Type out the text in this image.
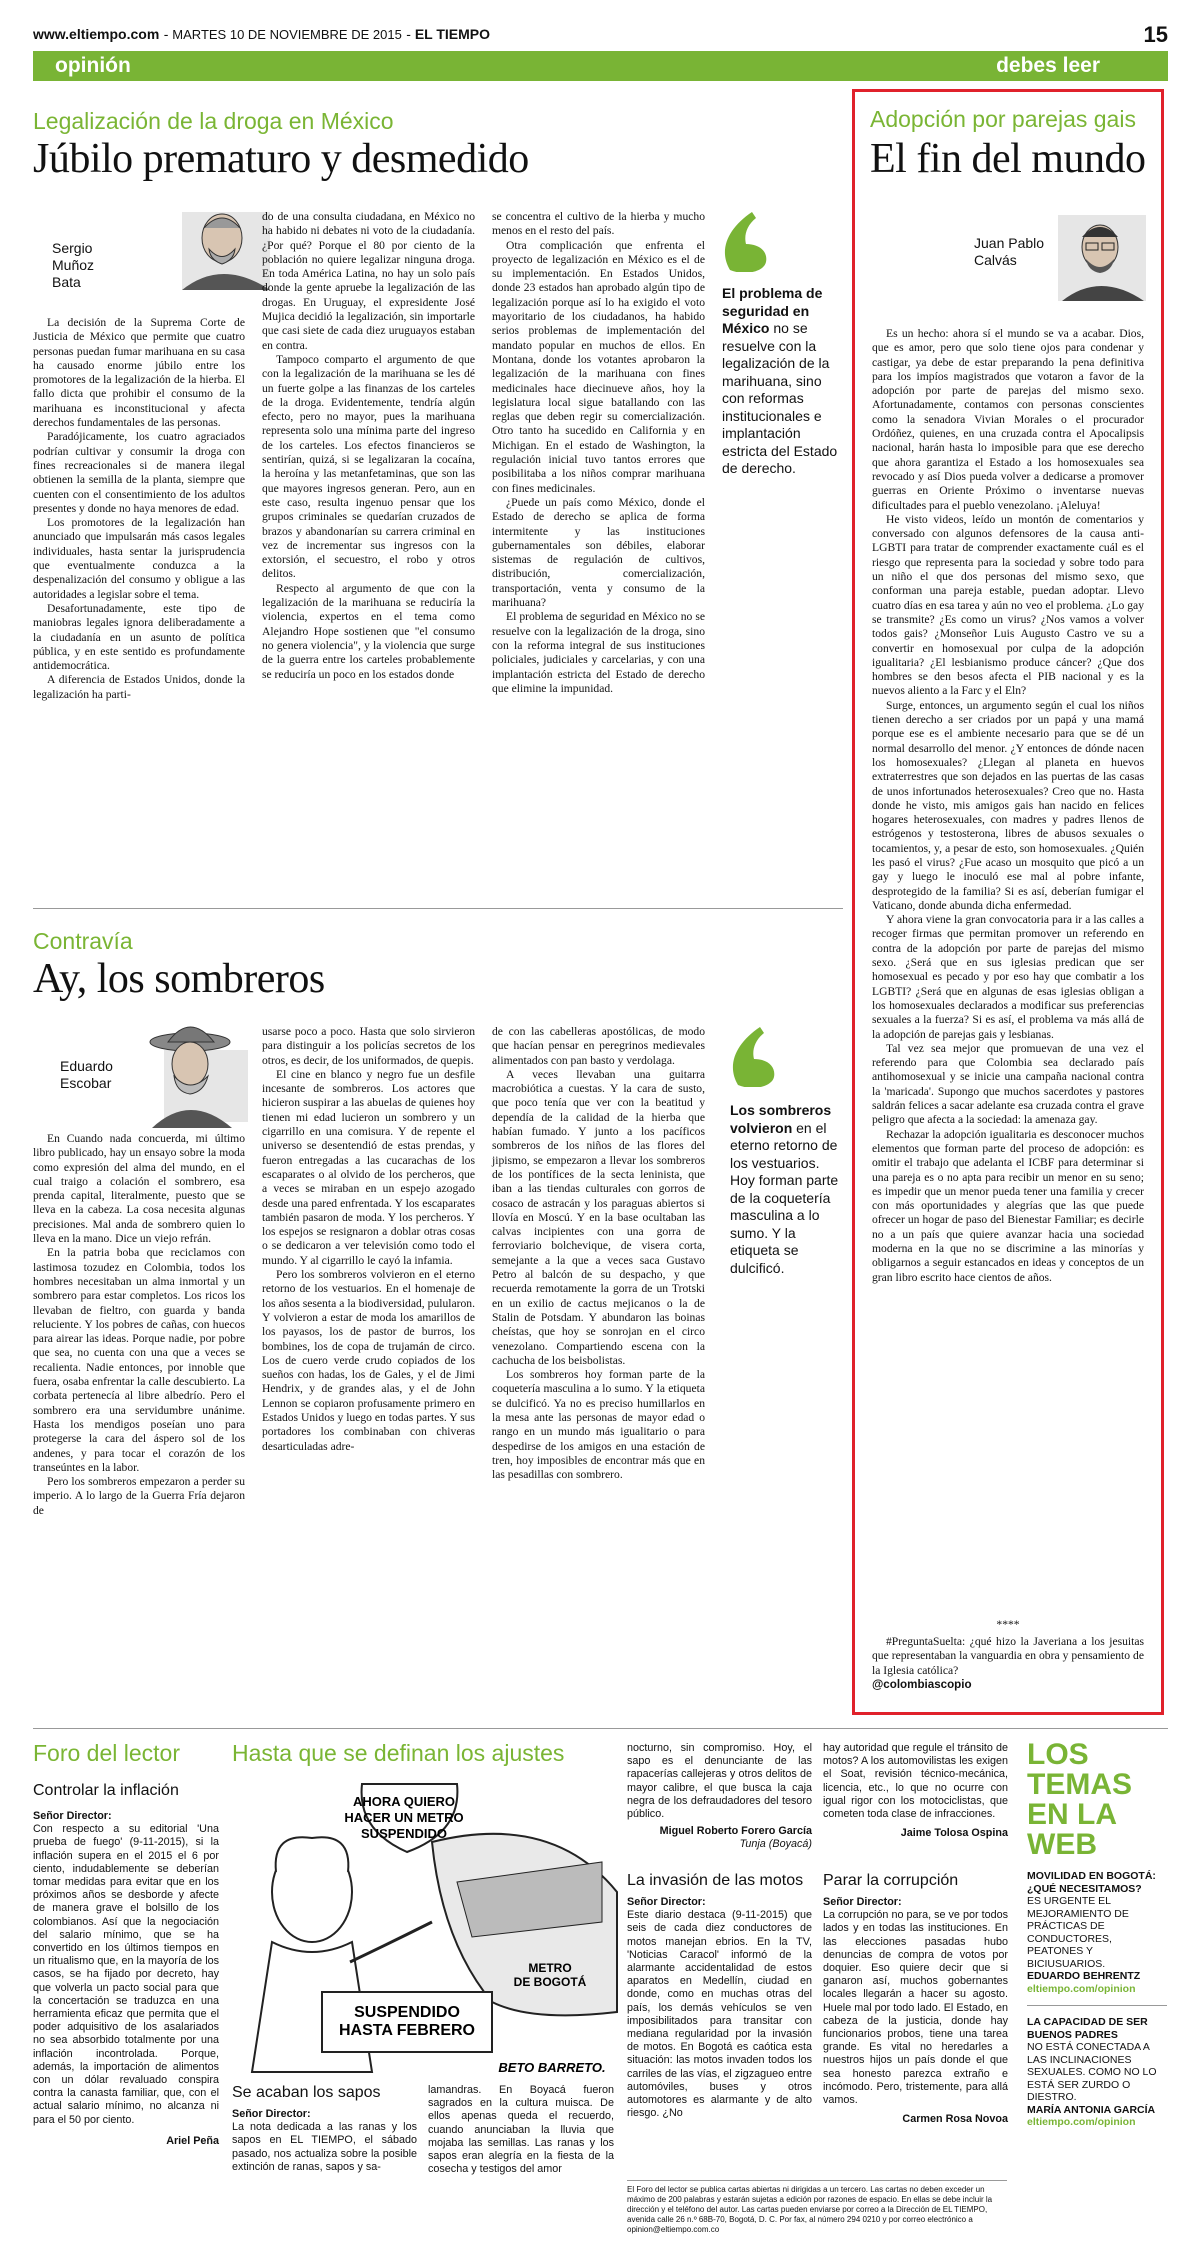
www.eltiempo.com - MARTES 10 DE NOVIEMBRE DE 2015 - EL TIEMPO	15
opinión	debes leer
Legalización de la droga en México
Júbilo prematuro y desmedido
Sergio
Muñoz
Bata

La decisión de la Suprema Corte de Justicia de México que permite que cuatro personas puedan fumar marihuana en su casa ha causado enorme júbilo entre los promotores de la legalización de la hierba. El fallo dicta que prohibir el consumo de la marihuana es inconstitucional y afecta derechos fundamentales de las personas.

Paradójicamente, los cuatro agraciados podrían cultivar y consumir la droga con fines recreacionales si de manera ilegal obtienen la semilla de la planta, siempre que cuenten con el consentimiento de los adultos presentes y donde no haya menores de edad.

Los promotores de la legalización han anunciado que impulsarán más casos legales individuales, hasta sentar la jurisprudencia que eventualmente conduzca a la despenalización del consumo y obligue a las autoridades a legislar sobre el tema.

Desafortunadamente, este tipo de maniobras legales ignora deliberadamente a la ciudadanía en un asunto de política pública, y en este sentido es profundamente antidemocrática.

A diferencia de Estados Unidos, donde la legalización ha parti-

do de una consulta ciudadana, en México no ha habido ni debates ni voto de la ciudadanía. ¿Por qué? Porque el 80 por ciento de la población no quiere legalizar ninguna droga. En toda América Latina, no hay un solo país donde la gente apruebe la legalización de las drogas. En Uruguay, el expresidente José Mujica decidió la legalización, sin importarle que casi siete de cada diez uruguayos estaban en contra.

Tampoco comparto el argumento de que con la legalización de la marihuana se les dé un fuerte golpe a las finanzas de los carteles de la droga. Evidentemente, tendría algún efecto, pero no mayor, pues la marihuana representa solo una mínima parte del ingreso de los carteles. Los efectos financieros se sentirían, quizá, si se legalizaran la cocaína, la heroína y las metanfetaminas, que son las que mayores ingresos generan. Pero, aun en este caso, resulta ingenuo pensar que los grupos criminales se quedarían cruzados de brazos y abandonarían su carrera criminal en vez de incrementar sus ingresos con la extorsión, el secuestro, el robo y otros delitos.

Respecto al argumento de que con la legalización de la marihuana se reduciría la violencia, expertos en el tema como Alejandro Hope sostienen que "el consumo no genera violencia", y la violencia que surge de la guerra entre los carteles probablemente se reduciría un poco en los estados donde

se concentra el cultivo de la hierba y mucho menos en el resto del país.

Otra complicación que enfrenta el proyecto de legalización en México es el de su implementación. En Estados Unidos, donde 23 estados han aprobado algún tipo de legalización porque así lo ha exigido el voto mayoritario de los ciudadanos, ha habido serios problemas de implementación del mandato popular en muchos de ellos. En Montana, donde los votantes aprobaron la legalización de la marihuana con fines medicinales hace diecinueve años, hoy la legislatura local sigue batallando con las reglas que deben regir su comercialización. Otro tanto ha sucedido en California y en Michigan. En el estado de Washington, la regulación inicial tuvo tantos errores que posibilitaba a los niños comprar marihuana con fines medicinales.

¿Puede un país como México, donde el Estado de derecho se aplica de forma intermitente y las instituciones gubernamentales son débiles, elaborar sistemas de regulación de cultivos, distribución, comercialización, transportación, venta y consumo de la marihuana?

El problema de seguridad en México no se resuelve con la legalización de la droga, sino con la reforma integral de sus instituciones policiales, judiciales y carcelarias, y con una implantación estricta del Estado de derecho que elimine la impunidad.

El problema de seguridad en México no se resuelve con la legalización de la marihuana, sino con reformas institucionales e implantación estricta del Estado de derecho.
Contravía
Ay, los sombreros
Eduardo
Escobar

En Cuando nada concuerda, mi último libro publicado, hay un ensayo sobre la moda como expresión del alma del mundo, en el cual traigo a colación el sombrero, esa prenda capital, literalmente, puesto que se lleva en la cabeza. La cosa necesita algunas precisiones. Mal anda de sombrero quien lo lleva en la mano. Dice un viejo refrán.

En la patria boba que reciclamos con lastimosa tozudez en Colombia, todos los hombres necesitaban un alma inmortal y un sombrero para estar completos. Los ricos los llevaban de fieltro, con guarda y banda reluciente. Y los pobres de cañas, con huecos para airear las ideas. Porque nadie, por pobre que sea, no cuenta con una que a veces se recalienta. Nadie entonces, por innoble que fuera, osaba enfrentar la calle descubierto. La corbata pertenecía al libre albedrío. Pero el sombrero era una servidumbre unánime. Hasta los mendigos poseían uno para protegerse la cara del áspero sol de los andenes, y para tocar el corazón de los transeúntes en la labor.

Pero los sombreros empezaron a perder su imperio. A lo largo de la Guerra Fría dejaron de

usarse poco a poco. Hasta que solo sirvieron para distinguir a los policías secretos de los otros, es decir, de los uniformados, de quepis.

El cine en blanco y negro fue un desfile incesante de sombreros. Los actores que hicieron suspirar a las abuelas de quienes hoy tienen mi edad lucieron un sombrero y un cigarrillo en una comisura. Y de repente el universo se desentendió de estas prendas, y fueron entregadas a las cucarachas de los escaparates o al olvido de los percheros, que a veces se miraban en un espejo azogado desde una pared enfrentada. Y los escaparates también pasaron de moda. Y los percheros. Y los espejos se resignaron a doblar otras cosas o se dedicaron a ver televisión como todo el mundo. Y al cigarrillo le cayó la infamia.

Pero los sombreros volvieron en el eterno retorno de los vestuarios. En el homenaje de los años sesenta a la biodiversidad, pulularon. Y volvieron a estar de moda los amarillos de los payasos, los de pastor de burros, los bombines, los de copa de trujamán de circo. Los de cuero verde crudo copiados de los sueños con hadas, los de Gales, y el de Jimi Hendrix, y de grandes alas, y el de John Lennon se copiaron profusamente primero en Estados Unidos y luego en todas partes. Y sus portadores los combinaban con chiveras desarticuladas adre-

de con las cabelleras apostólicas, de modo que hacían pensar en peregrinos medievales alimentados con pan basto y verdolaga.

A veces llevaban una guitarra macrobiótica a cuestas. Y la cara de susto, que poco tenía que ver con la beatitud y dependía de la calidad de la hierba que habían fumado. Y junto a los pacíficos sombreros de los niños de las flores del jipismo, se empezaron a llevar los sombreros de los pontífices de la secta leninista, que iban a las tiendas culturales con gorros de cosaco de astracán y los paraguas abiertos si llovía en Moscú. Y en la base ocultaban las calvas incipientes con una gorra de ferroviario bolchevique, de visera corta, semejante a la que a veces saca Gustavo Petro al balcón de su despacho, y que recuerda remotamente la gorra de un Trotski en un exilio de cactus mejicanos o la de Stalin de Potsdam. Y abundaron las boinas cheístas, que hoy se sonrojan en el circo venezolano. Compartiendo escena con la cachucha de los beisbolistas.

Los sombreros hoy forman parte de la coquetería masculina a lo sumo. Y la etiqueta se dulcificó. Ya no es preciso humillarlos en la mesa ante las personas de mayor edad o rango en un mundo más igualitario o para despedirse de los amigos en una estación de tren, hoy imposibles de encontrar más que en las pesadillas con sombrero.

Los sombreros volvieron en el eterno retorno de los vestuarios. Hoy forman parte de la coquetería masculina a lo sumo. Y la etiqueta se dulcificó.
Adopción por parejas gais
El fin del mundo
Juan Pablo
Calvás

Es un hecho: ahora sí el mundo se va a acabar. Dios, que es amor, pero que solo tiene ojos para condenar y castigar, ya debe de estar preparando la pena definitiva para los impíos magistrados que votaron a favor de la adopción por parte de parejas del mismo sexo. Afortunadamente, contamos con personas conscientes como la senadora Vivian Morales o el procurador Ordóñez, quienes, en una cruzada contra el Apocalipsis nacional, harán hasta lo imposible para que ese derecho que ahora garantiza el Estado a los homosexuales sea revocado y así Dios pueda volver a dedicarse a promover guerras en Oriente Próximo o inventarse nuevas dificultades para el pueblo venezolano. ¡Aleluya!

He visto videos, leído un montón de comentarios y conversado con algunos defensores de la causa anti-LGBTI para tratar de comprender exactamente cuál es el riesgo que representa para la sociedad y sobre todo para un niño el que dos personas del mismo sexo, que conforman una pareja estable, puedan adoptar. Llevo cuatro días en esa tarea y aún no veo el problema. ¿Lo gay se transmite? ¿Es como un virus? ¿Nos vamos a volver todos gais? ¿Monseñor Luis Augusto Castro ve su a convertir en homosexual por culpa de la adopción igualitaria? ¿El lesbianismo produce cáncer? ¿Que dos hombres se den besos afecta el PIB nacional y es la nuevos aliento a la Farc y el Eln?

Surge, entonces, un argumento según el cual los niños tienen derecho a ser criados por un papá y una mamá porque ese es el ambiente necesario para que se dé un normal desarrollo del menor. ¿Y entonces de dónde nacen los homosexuales? ¿Llegan al planeta en huevos extraterrestres que son dejados en las puertas de las casas de unos infortunados heterosexuales? Creo que no. Hasta donde he visto, mis amigos gais han nacido en felices hogares heterosexuales, con madres y padres llenos de estrógenos y testosterona, libres de abusos sexuales o tocamientos, y, a pesar de esto, son homosexuales. ¿Quién les pasó el virus? ¿Fue acaso un mosquito que picó a un gay y luego le inoculó ese mal al pobre infante, desprotegido de la familia? Si es así, deberían fumigar el Vaticano, donde abunda dicha enfermedad.

Y ahora viene la gran convocatoria para ir a las calles a recoger firmas que permitan promover un referendo en contra de la adopción por parte de parejas del mismo sexo. ¿Será que en sus iglesias predican que ser homosexual es pecado y por eso hay que combatir a los LGBTI? ¿Será que en algunas de esas iglesias obligan a los homosexuales declarados a modificar sus preferencias sexuales a la fuerza? Si es así, el problema va más allá de la adopción de parejas gais y lesbianas.

Tal vez sea mejor que promuevan de una vez el referendo para que Colombia sea declarado país antihomosexual y se inicie una campaña nacional contra la 'maricada'. Supongo que muchos sacerdotes y pastores saldrán felices a sacar adelante esa cruzada contra el grave peligro que afecta a la sociedad: la amenaza gay.

Rechazar la adopción igualitaria es desconocer muchos elementos que forman parte del proceso de adopción: es omitir el trabajo que adelanta el ICBF para determinar si una pareja es o no apta para recibir un menor en su seno; es impedir que un menor pueda tener una familia y crecer con más oportunidades y alegrías que las que puede ofrecer un hogar de paso del Bienestar Familiar; es decirle no a un país que quiere avanzar hacia una sociedad moderna en la que no se discrimine a las minorías y obligarnos a seguir estancados en ideas y conceptos de un gran libro escrito hace cientos de años.

****

#PreguntaSuelta: ¿qué hizo la Javeriana a los jesuitas que representaban la vanguardia en obra y pensamiento de la Iglesia católica?

@colombiascopio
Foro del lector
Controlar la inflación
Señor Director:

Con respecto a su editorial 'Una prueba de fuego' (9-11-2015), si la inflación supera en el 2015 el 6 por ciento, indudablemente se deberían tomar medidas para evitar que en los próximos años se desborde y afecte de manera grave el bolsillo de los colombianos. Así que la negociación del salario mínimo, que se ha convertido en los últimos tiempos en un ritualismo que, en la mayoría de los casos, se ha fijado por decreto, hay que volverla un pacto social para que la concertación se traduzca en una herramienta eficaz que permita que el poder adquisitivo de los asalariados no sea absorbido totalmente por una inflación incontrolada. Porque, además, la importación de alimentos con un dólar revaluado conspira contra la canasta familiar, que, con el actual salario mínimo, no alcanza ni para el 50 por ciento.

Ariel Peña
Hasta que se definan los ajustes
AHORA QUIERO HACER UN METRO SUSPENDIDO
METRO DE BOGOTÁ
SUSPENDIDO HASTA FEBRERO
BETO BARRETO.
Se acaban los sapos
Señor Director:

La nota dedicada a las ranas y los sapos en EL TIEMPO, el sábado pasado, nos actualiza sobre la posible extinción de ranas, sapos y sa-

lamandras. En Boyacá fueron sagrados en la cultura muisca. De ellos apenas queda el recuerdo, cuando anunciaban la lluvia que mojaba las semillas. Las ranas y los sapos eran alegría en la fiesta de la cosecha y testigos del amor

nocturno, sin compromiso. Hoy, el sapo es el denunciante de las rapacerías callejeras y otros delitos de mayor calibre, el que busca la caja negra de los defraudadores del tesoro público.

Miguel Roberto Forero García
Tunja (Boyacá)
La invasión de las motos
Señor Director:

Este diario destaca (9-11-2015) que seis de cada diez conductores de motos manejan ebrios. En la TV, 'Noticias Caracol' informó de la alarmante accidentalidad de estos aparatos en Medellín, ciudad en donde, como en muchas otras del país, los demás vehículos se ven imposibilitados para transitar con mediana regularidad por la invasión de motos. En Bogotá es caótica esta situación: las motos invaden todos los carriles de las vías, el zigzagueo entre automóviles, buses y otros automotores es alarmante y de alto riesgo. ¿No

hay autoridad que regule el tránsito de motos? A los automovilistas les exigen el Soat, revisión técnico-mecánica, licencia, etc., lo que no ocurre con igual rigor con los motociclistas, que cometen toda clase de infracciones.

Jaime Tolosa Ospina
Parar la corrupción
Señor Director:

La corrupción no para, se ve por todos lados y en todas las instituciones. En las elecciones pasadas hubo denuncias de compra de votos por doquier. Eso quiere decir que si ganaron así, muchos gobernantes locales llegarán a hacer su agosto. Huele mal por todo lado. El Estado, en cabeza de la justicia, donde hay funcionarios probos, tiene una tarea grande. Es vital no heredarles a nuestros hijos un país donde el que sea honesto parezca extraño e incómodo. Pero, tristemente, para allá vamos.

Carmen Rosa Novoa
El Foro del lector se publica cartas abiertas ni dirigidas a un tercero. Las cartas no deben exceder un máximo de 200 palabras y estarán sujetas a edición por razones de espacio. En ellas se debe incluir la dirección y el teléfono del autor. Las cartas pueden enviarse por correo a la Dirección de EL TIEMPO, avenida calle 26 n.º 68B-70, Bogotá, D. C. Por fax, al número 294 0210 y por correo electrónico a opinion@eltiempo.com.co
LOS TEMAS EN LA WEB
MOVILIDAD EN BOGOTÁ: ¿QUÉ NECESITAMOS?
ES URGENTE EL MEJORAMIENTO DE PRÁCTICAS DE CONDUCTORES, PEATONES Y BICIUSUARIOS.
EDUARDO BEHRENTZ
eltiempo.com/opinion
LA CAPACIDAD DE SER BUENOS PADRES
NO ESTÁ CONECTADA A LAS INCLINACIONES SEXUALES. COMO NO LO ESTÁ SER ZURDO O DIESTRO.
MARÍA ANTONIA GARCÍA
eltiempo.com/opinion
